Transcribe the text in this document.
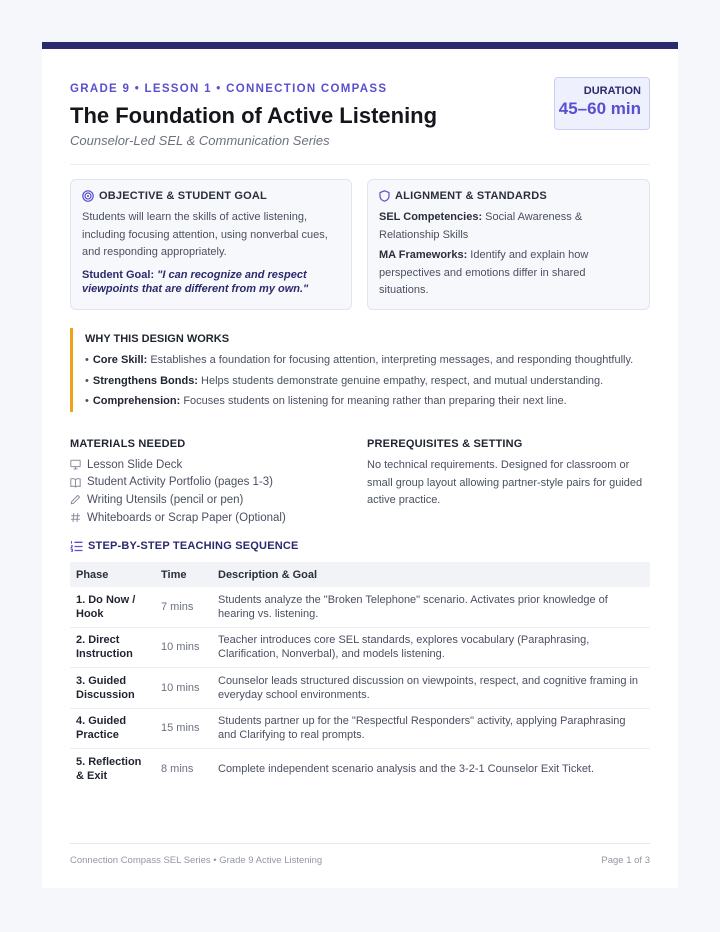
GRADE 9 • LESSON 1 • CONNECTION COMPASS
The Foundation of Active Listening
Counselor-Led SEL & Communication Series
DURATION
45–60 min
OBJECTIVE & STUDENT GOAL

Students will learn the skills of active listening, including focusing attention, using nonverbal cues, and responding appropriately.

Student Goal: "I can recognize and respect viewpoints that are different from my own."
ALIGNMENT & STANDARDS

SEL Competencies: Social Awareness & Relationship Skills

MA Frameworks: Identify and explain how perspectives and emotions differ in shared situations.

WHY THIS DESIGN WORKS
• Core Skill: Establishes a foundation for focusing attention, interpreting messages, and responding thoughtfully.
• Strengthens Bonds: Helps students demonstrate genuine empathy, respect, and mutual understanding.
• Comprehension: Focuses students on listening for meaning rather than preparing their next line.
MATERIALS NEEDED
Lesson Slide Deck
Student Activity Portfolio (pages 1-3)
Writing Utensils (pencil or pen)
Whiteboards or Scrap Paper (Optional)
PREREQUISITES & SETTING

No technical requirements. Designed for classroom or small group layout allowing partner-style pairs for guided active practice.

STEP-BY-STEP TEACHING SEQUENCE
Phase	Time	Description & Goal
1. Do Now / Hook	7 mins	Students analyze the "Broken Telephone" scenario. Activates prior knowledge of hearing vs. listening.
2. Direct Instruction	10 mins	Teacher introduces core SEL standards, explores vocabulary (Paraphrasing, Clarification, Nonverbal), and models listening.
3. Guided Discussion	10 mins	Counselor leads structured discussion on viewpoints, respect, and cognitive framing in everyday school environments.
4. Guided Practice	15 mins	Students partner up for the "Respectful Responders" activity, applying Paraphrasing and Clarifying to real prompts.
5. Reflection & Exit	8 mins	Complete independent scenario analysis and the 3-2-1 Counselor Exit Ticket.
Connection Compass SEL Series • Grade 9 Active Listening	Page 1 of 3
